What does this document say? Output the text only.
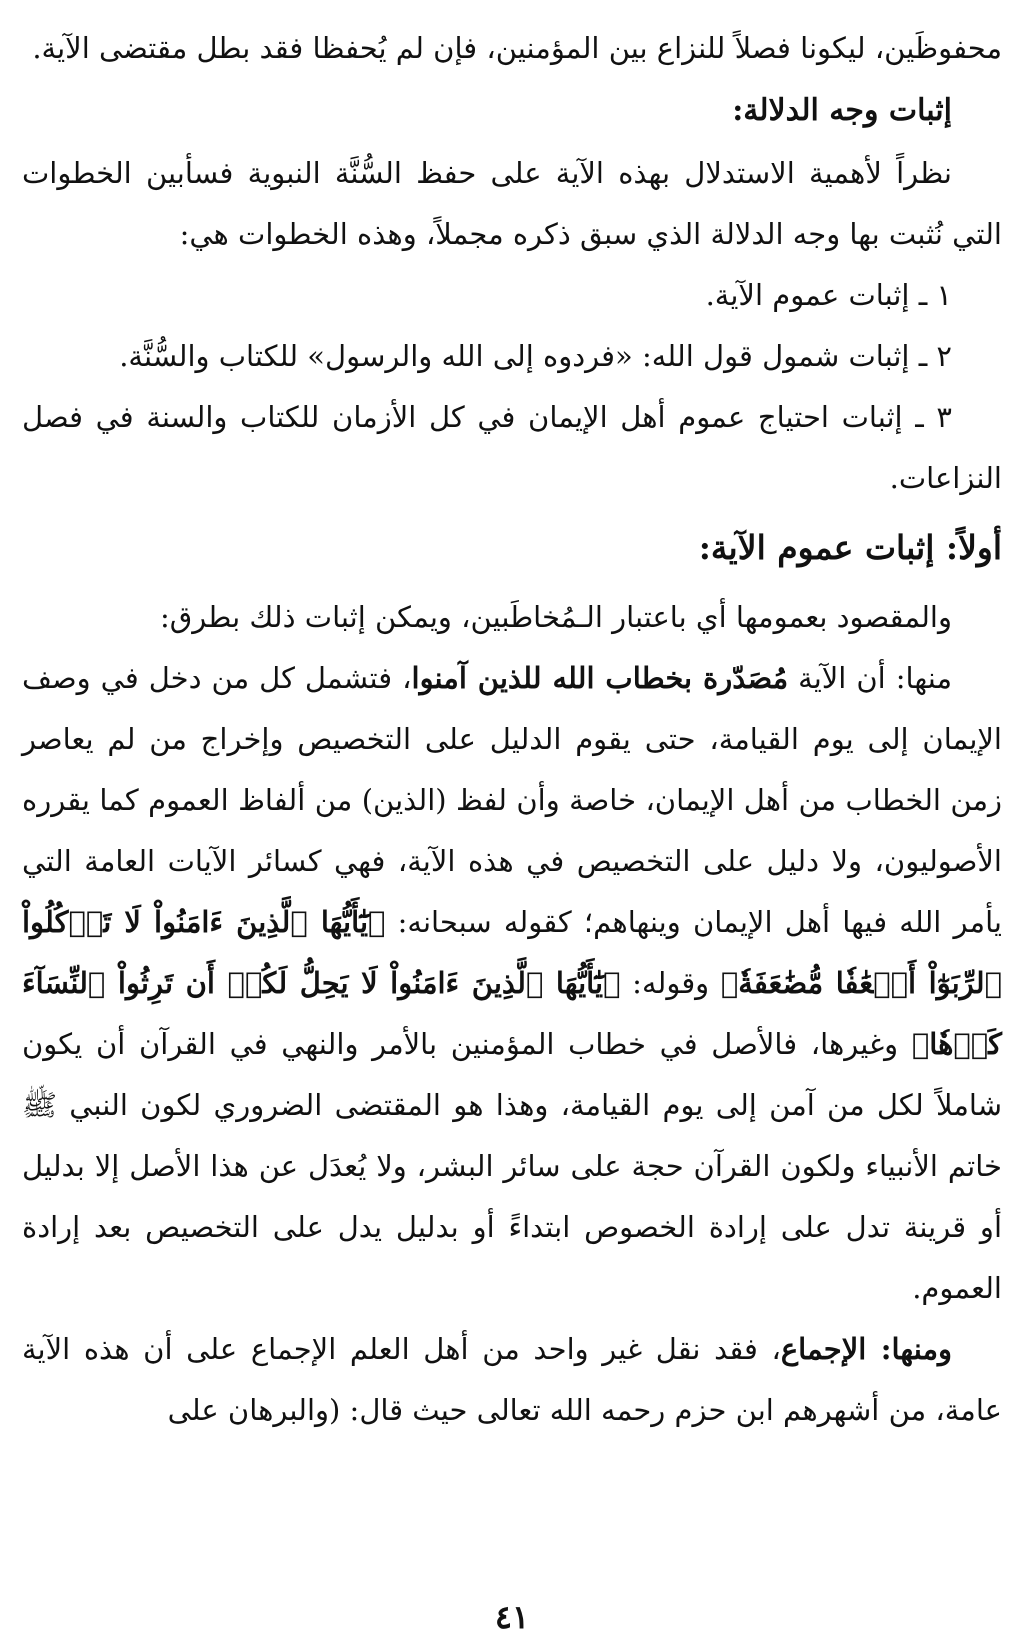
محفوظَين، ليكونا فصلاً للنزاع بين المؤمنين، فإن لم يُحفظا فقد بطل مقتضى الآية.

إثبات وجه الدلالة:

نظراً لأهمية الاستدلال بهذه الآية على حفظ السُّنَّة النبوية فسأبين الخطوات التي نُثبت بها وجه الدلالة الذي سبق ذكره مجملاً، وهذه الخطوات هي:

١ ـ إثبات عموم الآية.

٢ ـ إثبات شمول قول الله: «فردوه إلى الله والرسول» للكتاب والسُّنَّة.

٣ ـ إثبات احتياج عموم أهل الإيمان في كل الأزمان للكتاب والسنة في فصل النزاعات.

أولاً: إثبات عموم الآية:

والمقصود بعمومها أي باعتبار الـمُخاطَبين، ويمكن إثبات ذلك بطرق:

منها: أن الآية مُصَدّرة بخطاب الله للذين آمنوا، فتشمل كل من دخل في وصف الإيمان إلى يوم القيامة، حتى يقوم الدليل على التخصيص وإخراج من لم يعاصر زمن الخطاب من أهل الإيمان، خاصة وأن لفظ (الذين) من ألفاظ العموم كما يقرره الأصوليون، ولا دليل على التخصيص في هذه الآية، فهي كسائر الآيات العامة التي يأمر الله فيها أهل الإيمان وينهاهم؛ كقوله سبحانه: ﴿يَٰٓأَيُّهَا ٱلَّذِينَ ءَامَنُواْ لَا تَأۡكُلُواْ ٱلرِّبَوٰٓاْ أَضۡعَٰفٗا مُّضَٰعَفَةٗ﴾ وقوله: ﴿يَٰٓأَيُّهَا ٱلَّذِينَ ءَامَنُواْ لَا يَحِلُّ لَكُمۡ أَن تَرِثُواْ ٱلنِّسَآءَ كَرۡهٗا﴾ وغيرها، فالأصل في خطاب المؤمنين بالأمر والنهي في القرآن أن يكون شاملاً لكل من آمن إلى يوم القيامة، وهذا هو المقتضى الضروري لكون النبي ﷺ خاتم الأنبياء ولكون القرآن حجة على سائر البشر، ولا يُعدَل عن هذا الأصل إلا بدليل أو قرينة تدل على إرادة الخصوص ابتداءً أو بدليل يدل على التخصيص بعد إرادة العموم.

ومنها: الإجماع، فقد نقل غير واحد من أهل العلم الإجماع على أن هذه الآية عامة، من أشهرهم ابن حزم رحمه الله تعالى حيث قال: (والبرهان على

٤١
